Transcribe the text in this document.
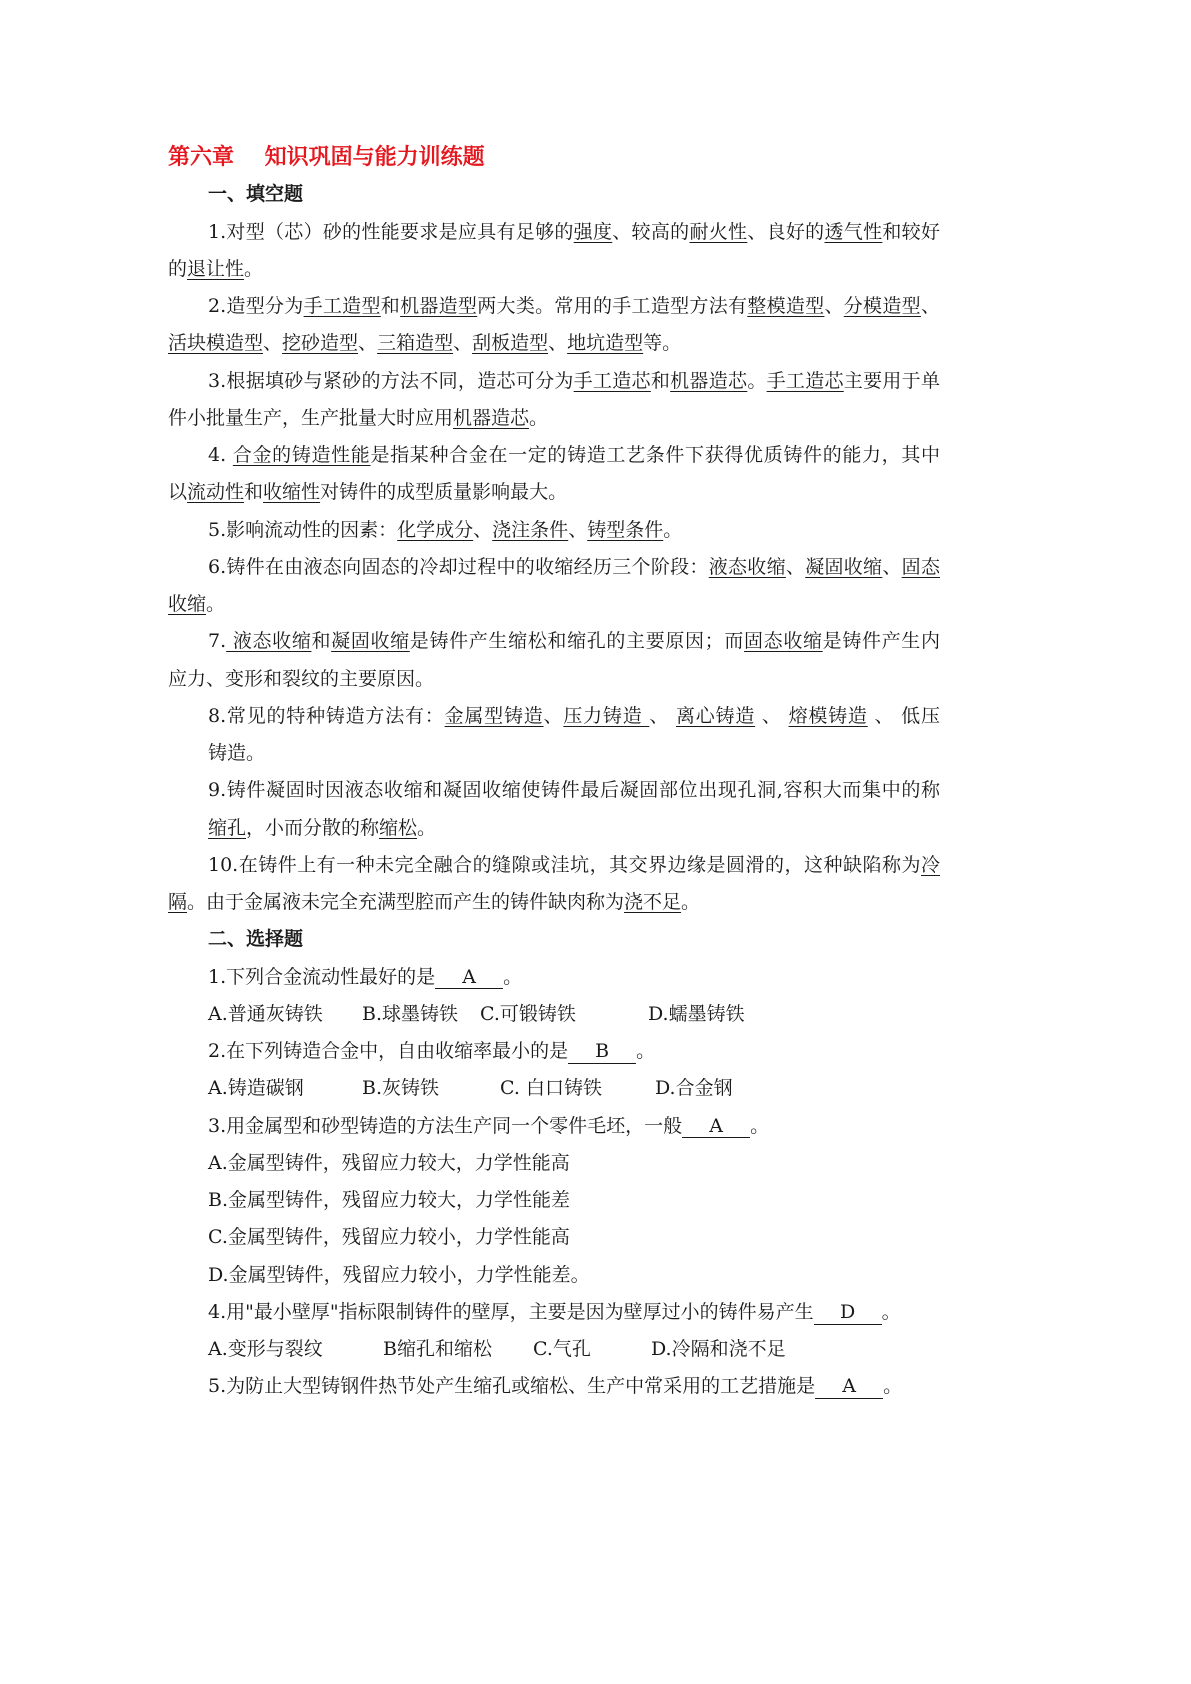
第六章    知识巩固与能力训练题
一、填空题
1.对型（芯）砂的性能要求是应具有足够的强度、较高的耐火性、良好的透气性和较好
的退让性。
2.造型分为手工造型和机器造型两大类。常用的手工造型方法有整模造型、分模造型、
活块模造型、挖砂造型、三箱造型、刮板造型、地坑造型等。
3.根据填砂与紧砂的方法不同，造芯可分为手工造芯和机器造芯。手工造芯主要用于单
件小批量生产，生产批量大时应用机器造芯。
4. 合金的铸造性能是指某种合金在一定的铸造工艺条件下获得优质铸件的能力，其中
以流动性和收缩性对铸件的成型质量影响最大。
5.影响流动性的因素：化学成分、浇注条件、铸型条件。
6.铸件在由液态向固态的冷却过程中的收缩经历三个阶段：液态收缩、凝固收缩、固态
收缩。
7. 液态收缩和凝固收缩是铸件产生缩松和缩孔的主要原因；而固态收缩是铸件产生内
应力、变形和裂纹的主要原因。
8.常见的特种铸造方法有：金属型铸造、压力铸造 、 离心铸造 、 熔模铸造 、 低压
铸造。
9.铸件凝固时因液态收缩和凝固收缩使铸件最后凝固部位出现孔洞,容积大而集中的称
缩孔，小而分散的称缩松。
10.在铸件上有一种未完全融合的缝隙或洼坑，其交界边缘是圆滑的，这种缺陷称为冷
隔。由于金属液未完全充满型腔而产生的铸件缺肉称为浇不足。
二、选择题
1.下列合金流动性最好的是 A 。
A.普通灰铸铁 B.球墨铸铁 C.可锻铸铁	D.蠕墨铸铁
2.在下列铸造合金中，自由收缩率最小的是 B 。
A.铸造碳钢	B.灰铸铁	C. 白口铸铁	D.合金钢
3.用金属型和砂型铸造的方法生产同一个零件毛坯，一般 A 。
A.金属型铸件，残留应力较大，力学性能高
B.金属型铸件，残留应力较大，力学性能差
C.金属型铸件，残留应力较小，力学性能高
D.金属型铸件，残留应力较小，力学性能差。
4.用"最小壁厚"指标限制铸件的壁厚，主要是因为壁厚过小的铸件易产生 D 。
A.变形与裂纹	B缩孔和缩松 C.气孔	D.冷隔和浇不足
5.为防止大型铸钢件热节处产生缩孔或缩松、生产中常采用的工艺措施是 A 。
